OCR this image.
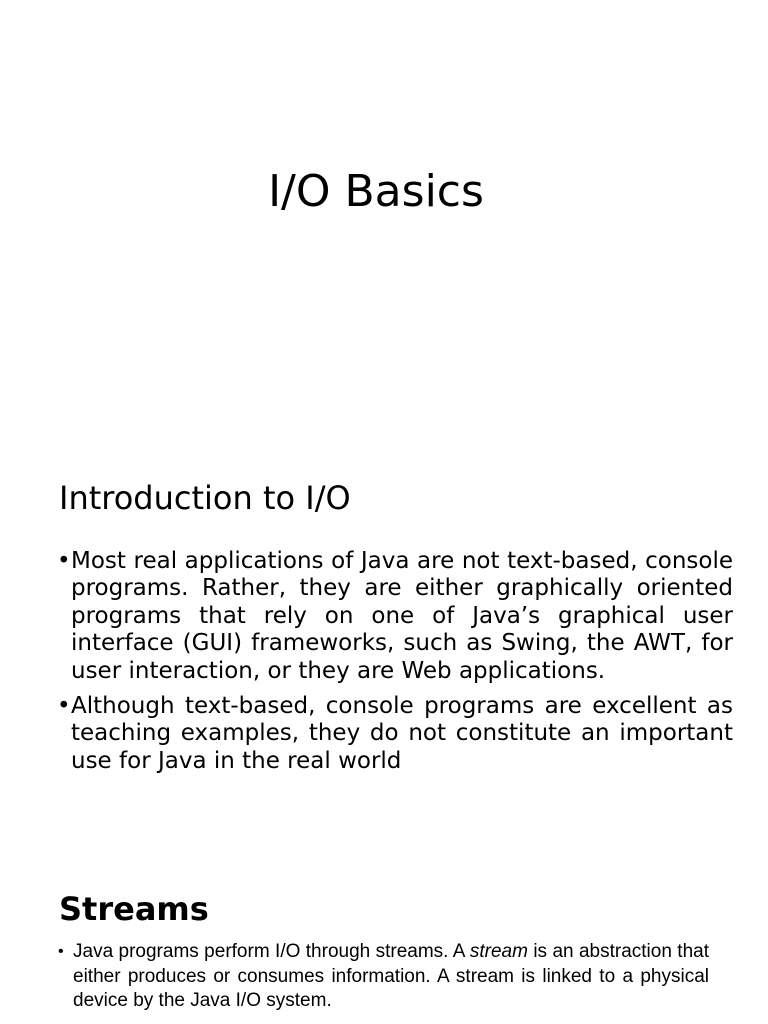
I/O Basics
Introduction to I/O
• Most real applications of Java are not text-based, console programs. Rather, they are either graphically oriented programs that rely on one of Java’s graphical user interface (GUI) frameworks, such as Swing, the AWT, for user interaction, or they are Web applications.
• Although text-based, console programs are excellent as teaching examples, they do not constitute an important use for Java in the real world
Streams
• Java programs perform I/O through streams. A stream is an abstraction that either produces or consumes information. A stream is linked to a physical device by the Java I/O system.
